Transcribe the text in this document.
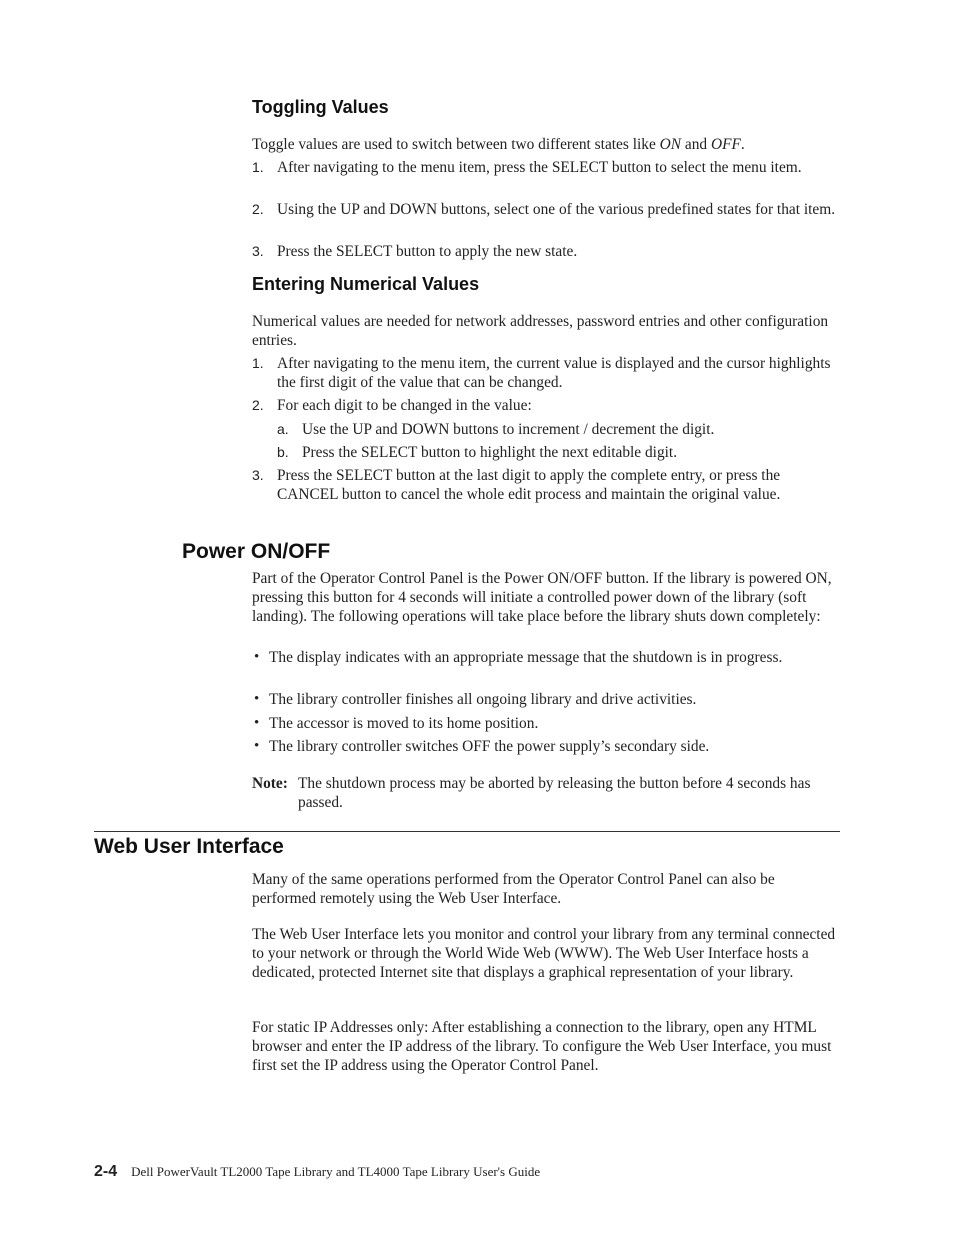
Toggling Values

Toggle values are used to switch between two different states like ON and OFF.

1. After navigating to the menu item, press the SELECT button to select the menu item.
2. Using the UP and DOWN buttons, select one of the various predefined states for that item.
3. Press the SELECT button to apply the new state.
Entering Numerical Values

Numerical values are needed for network addresses, password entries and other configuration entries.

1. After navigating to the menu item, the current value is displayed and the cursor highlights the first digit of the value that can be changed.
2. For each digit to be changed in the value:
a. Use the UP and DOWN buttons to increment / decrement the digit.
b. Press the SELECT button to highlight the next editable digit.
3. Press the SELECT button at the last digit to apply the complete entry, or press the CANCEL button to cancel the whole edit process and maintain the original value.
Power ON/OFF

Part of the Operator Control Panel is the Power ON/OFF button. If the library is powered ON, pressing this button for 4 seconds will initiate a controlled power down of the library (soft landing). The following operations will take place before the library shuts down completely:

• The display indicates with an appropriate message that the shutdown is in progress.
• The library controller finishes all ongoing library and drive activities.
• The accessor is moved to its home position.
• The library controller switches OFF the power supply’s secondary side.
Note: The shutdown process may be aborted by releasing the button before 4 seconds has passed.
Web User Interface

Many of the same operations performed from the Operator Control Panel can also be performed remotely using the Web User Interface.

The Web User Interface lets you monitor and control your library from any terminal connected to your network or through the World Wide Web (WWW). The Web User Interface hosts a dedicated, protected Internet site that displays a graphical representation of your library.

For static IP Addresses only: After establishing a connection to the library, open any HTML browser and enter the IP address of the library. To configure the Web User Interface, you must first set the IP address using the Operator Control Panel.

2-4 Dell PowerVault TL2000 Tape Library and TL4000 Tape Library User's Guide
